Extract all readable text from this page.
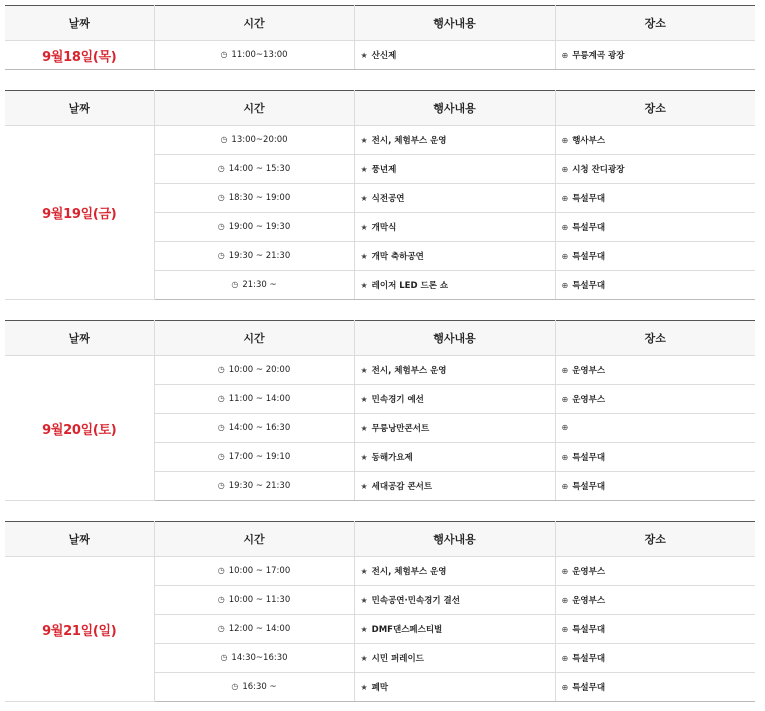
날짜	시간	행사내용	장소
9월18일(목)	◷ 11:00~13:00	★ 산신제	⊕ 무릉계곡 광장
날짜	시간	행사내용	장소
9월19일(금)	◷ 13:00~20:00	★ 전시, 체험부스 운영	⊕ 행사부스
	◷ 14:00 ~ 15:30	★ 풍년제	⊕ 시청 잔디광장
	◷ 18:30 ~ 19:00	★ 식전공연	⊕ 특설무대
	◷ 19:00 ~ 19:30	★ 개막식	⊕ 특설무대
	◷ 19:30 ~ 21:30	★ 개막 축하공연	⊕ 특설무대
	◷ 21:30 ~	★ 레이저 LED 드론 쇼	⊕ 특설무대
날짜	시간	행사내용	장소
9월20일(토)	◷ 10:00 ~ 20:00	★ 전시, 체험부스 운영	⊕ 운영부스
	◷ 11:00 ~ 14:00	★ 민속경기 예선	⊕ 운영부스
	◷ 14:00 ~ 16:30	★ 무릉낭만콘서트	⊕
	◷ 17:00 ~ 19:10	★ 동해가요제	⊕ 특설무대
	◷ 19:30 ~ 21:30	★ 세대공감 콘서트	⊕ 특설무대
날짜	시간	행사내용	장소
9월21일(일)	◷ 10:00 ~ 17:00	★ 전시, 체험부스 운영	⊕ 운영부스
	◷ 10:00 ~ 11:30	★ 민속공연·민속경기 결선	⊕ 운영부스
	◷ 12:00 ~ 14:00	★ DMF댄스페스티벌	⊕ 특설무대
	◷ 14:30~16:30	★ 시민 퍼레이드	⊕ 특설무대
	◷ 16:30 ~	★ 폐막	⊕ 특설무대
